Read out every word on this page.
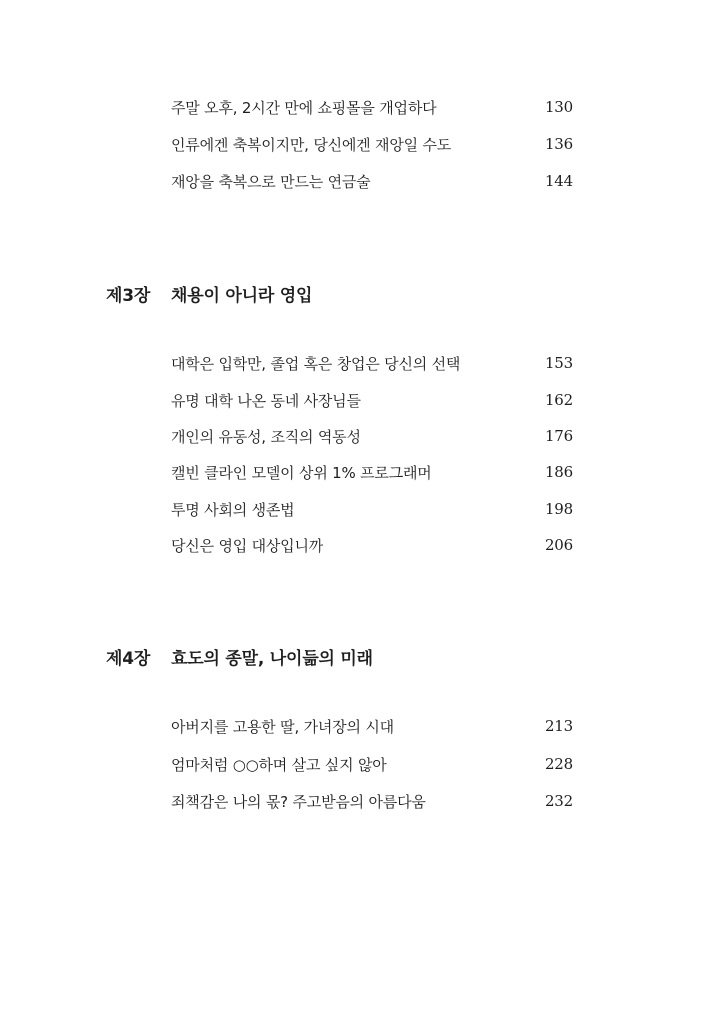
주말 오후, 2시간 만에 쇼핑몰을 개업하다	130
인류에겐 축복이지만, 당신에겐 재앙일 수도	136
재앙을 축복으로 만드는 연금술	144
제3장	채용이 아니라 영입
대학은 입학만, 졸업 혹은 창업은 당신의 선택	153
유명 대학 나온 동네 사장님들	162
개인의 유동성, 조직의 역동성	176
캘빈 클라인 모델이 상위 1% 프로그래머	186
투명 사회의 생존법	198
당신은 영입 대상입니까	206
제4장	효도의 종말, 나이듦의 미래
아버지를 고용한 딸, 가녀장의 시대	213
엄마처럼 ○○하며 살고 싶지 않아	228
죄책감은 나의 몫? 주고받음의 아름다움	232
